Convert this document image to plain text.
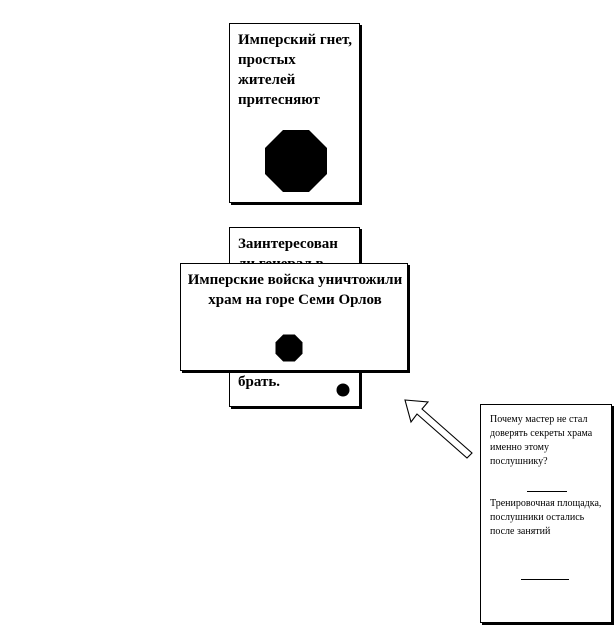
Имперский гнет, простых жителей притесняют
Заинтересован
брать.
Имперские войска уничтожили храм на горе Семи Орлов
Почему мастер не стал доверять секреты храма именно этому послушнику?
Тренировочная площадка, послушники остались после занятий
